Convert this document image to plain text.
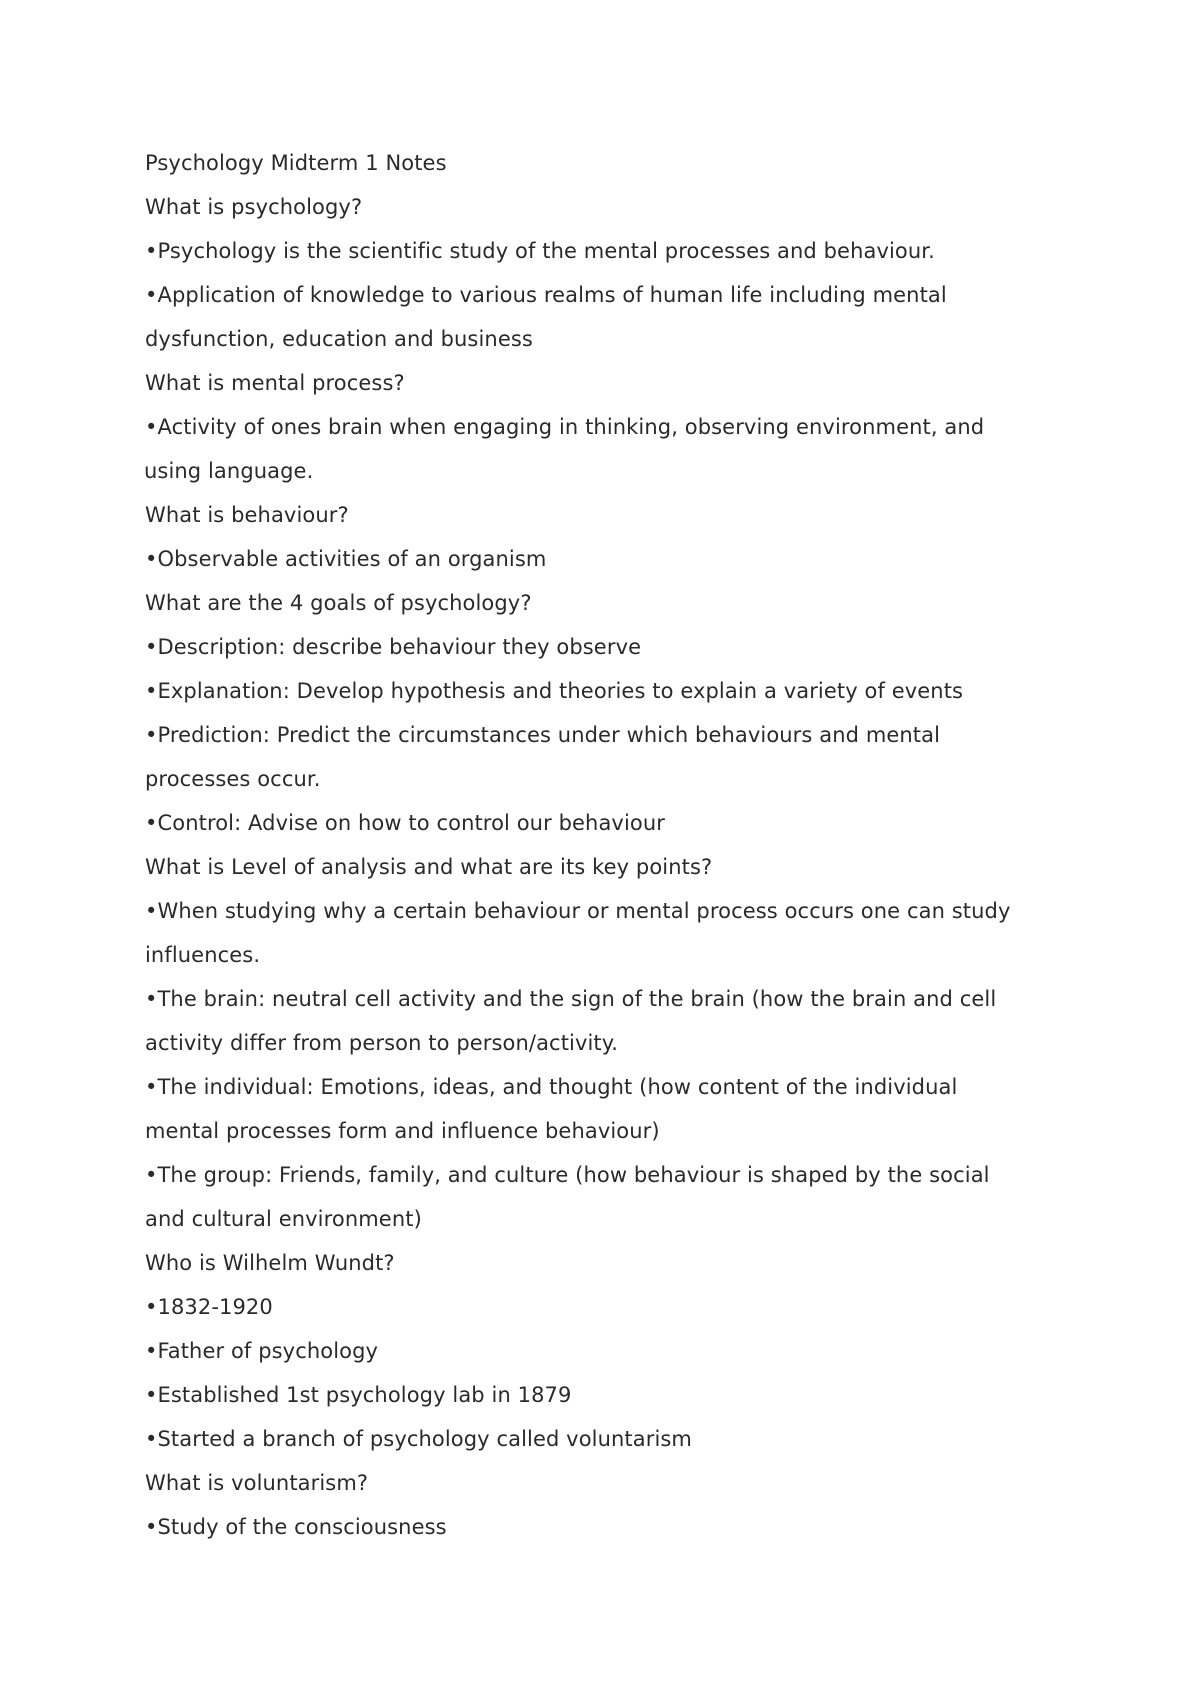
Psychology Midterm 1 Notes

What is psychology?

•Psychology is the scientific study of the mental processes and behaviour.

•Application of knowledge to various realms of human life including mental

dysfunction, education and business

What is mental process?

•Activity of ones brain when engaging in thinking, observing environment, and

using language.

What is behaviour?

•Observable activities of an organism

What are the 4 goals of psychology?

•Description: describe behaviour they observe

•Explanation: Develop hypothesis and theories to explain a variety of events

•Prediction: Predict the circumstances under which behaviours and mental

processes occur.

•Control: Advise on how to control our behaviour

What is Level of analysis and what are its key points?

•When studying why a certain behaviour or mental process occurs one can study

influences.

•The brain: neutral cell activity and the sign of the brain (how the brain and cell

activity differ from person to person/activity.

•The individual: Emotions, ideas, and thought (how content of the individual

mental processes form and influence behaviour)

•The group: Friends, family, and culture (how behaviour is shaped by the social

and cultural environment)

Who is Wilhelm Wundt?

•1832-1920

•Father of psychology

•Established 1st psychology lab in 1879

•Started a branch of psychology called voluntarism

What is voluntarism?

•Study of the consciousness
